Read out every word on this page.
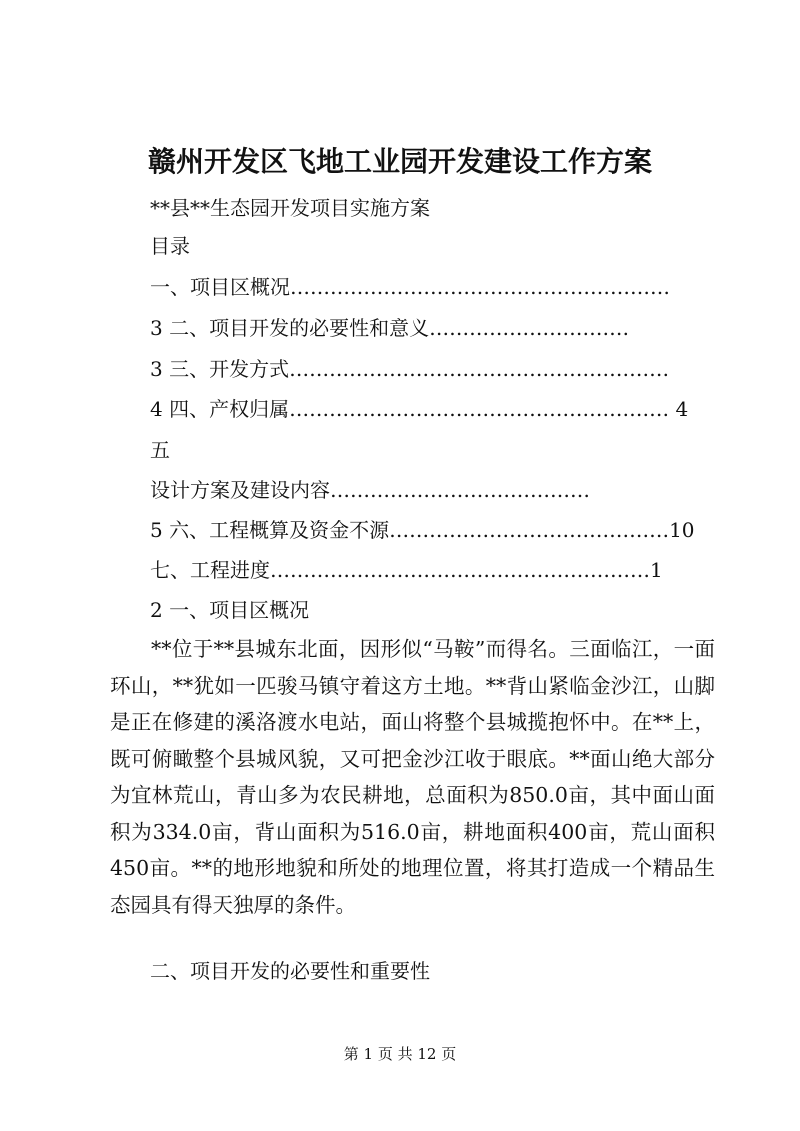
赣州开发区飞地工业园开发建设工作方案
**县**生态园开发项目实施方案
目录
一、项目区概况…………………………………………………
3 二、项目开发的必要性和意义…………………………
3 三、开发方式…………………………………………………
4 四、产权归属………………………………………………… 4
五
设计方案及建设内容…………………………………
5 六、工程概算及资金不源……………………………………10
七、工程进度…………………………………………………1
2 一、项目区概况
**位于**县城东北面，因形似“马鞍”而得名。三面临江，一面环山，**犹如一匹骏马镇守着这方土地。**背山紧临金沙江，山脚是正在修建的溪洛渡水电站，面山将整个县城揽抱怀中。在**上，既可俯瞰整个县城风貌，又可把金沙江收于眼底。**面山绝大部分为宜林荒山，青山多为农民耕地，总面积为850.0亩，其中面山面积为334.0亩，背山面积为516.0亩，耕地面积400亩，荒山面积450亩。**的地形地貌和所处的地理位置，将其打造成一个精品生态园具有得天独厚的条件。
二、项目开发的必要性和重要性
第 1 页 共 12 页
